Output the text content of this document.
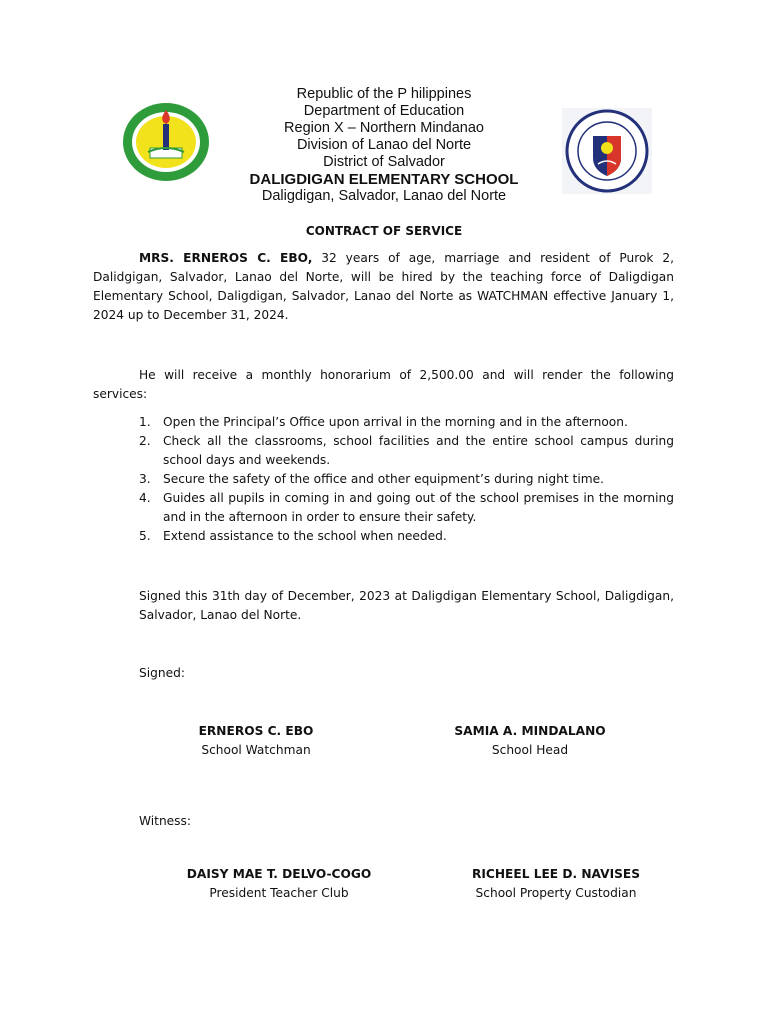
Republic of the P hilippines
Department of Education
Region X – Northern Mindanao
Division of Lanao del Norte
District of Salvador
DALIGDIGAN ELEMENTARY SCHOOL
Daligdigan, Salvador, Lanao del Norte
CONTRACT OF SERVICE

MRS. ERNEROS C. EBO, 32 years of age, marriage and resident of Purok 2, Dalidgigan, Salvador, Lanao del Norte, will be hired by the teaching force of Daligdigan Elementary School, Daligdigan, Salvador, Lanao del Norte as WATCHMAN effective January 1, 2024 up to December 31, 2024.

He will receive a monthly honorarium of 2,500.00 and will render the following services:

1. Open the Principal’s Office upon arrival in the morning and in the afternoon.
2. Check all the classrooms, school facilities and the entire school campus during school days and weekends.
3. Secure the safety of the office and other equipment’s during night time.
4. Guides all pupils in coming in and going out of the school premises in the morning and in the afternoon in order to ensure their safety.
5. Extend assistance to the school when needed.

Signed this 31th day of December, 2023 at Daligdigan Elementary School, Daligdigan, Salvador, Lanao del Norte.

Signed:
ERNEROS C. EBO
School Watchman
SAMIA A. MINDALANO
School Head
Witness:
DAISY MAE T. DELVO-COGO
President Teacher Club
RICHEEL LEE D. NAVISES
School Property Custodian
